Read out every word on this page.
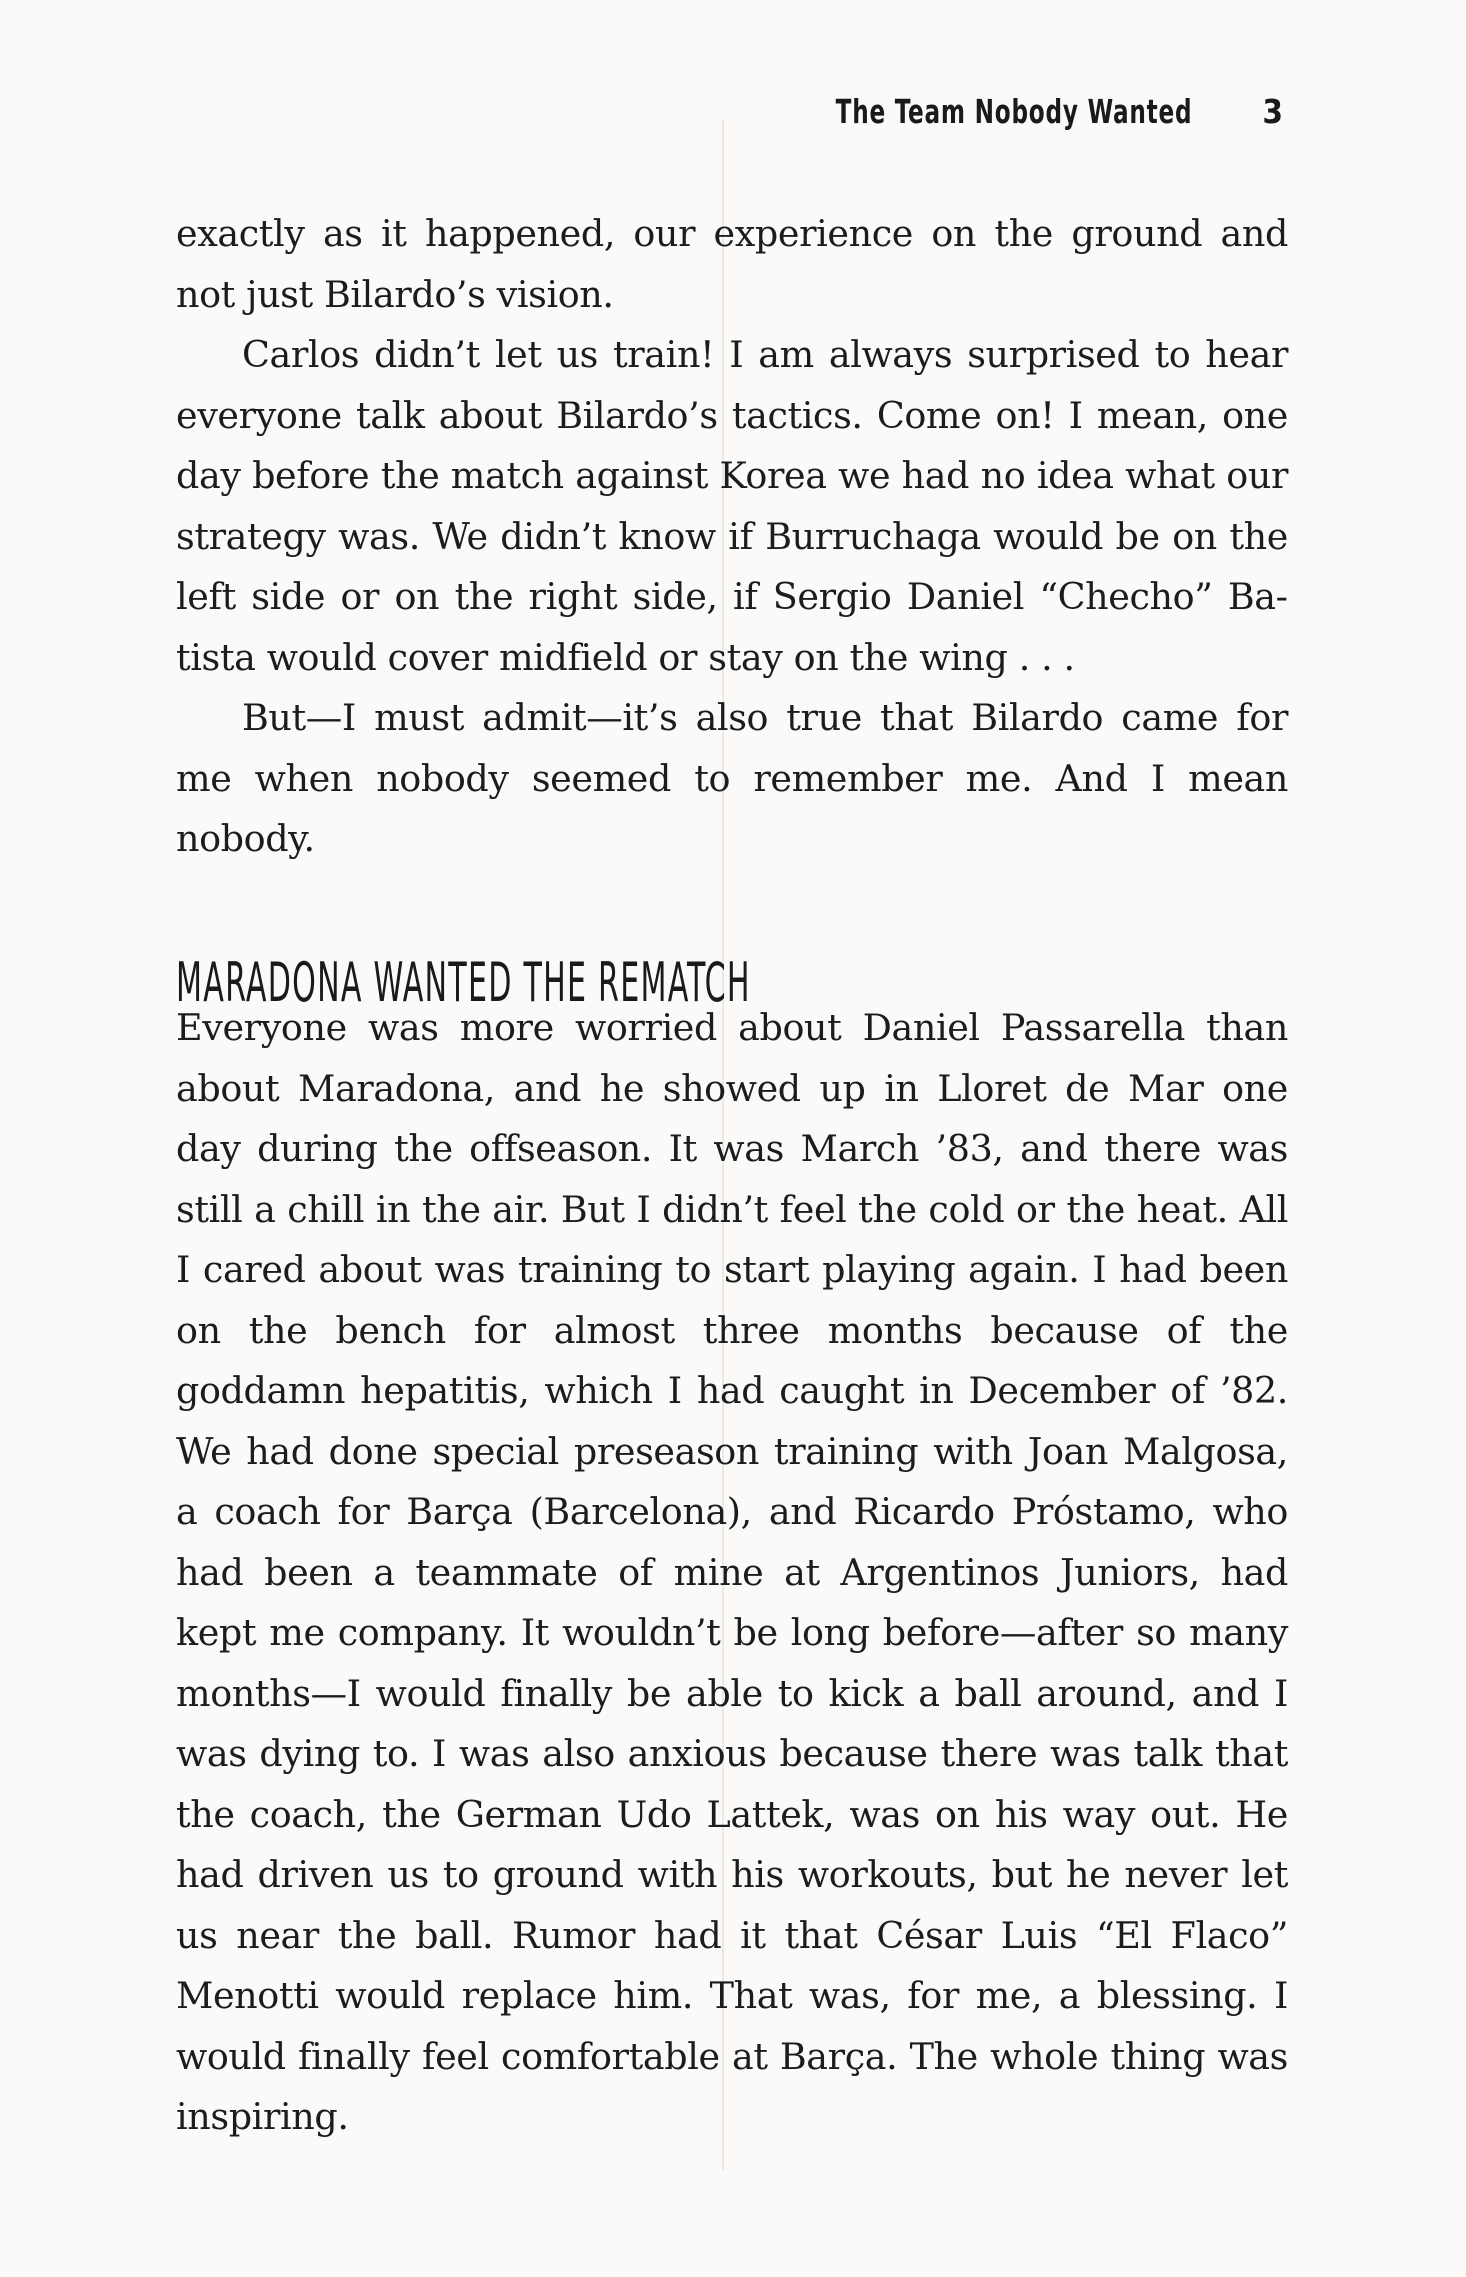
The Team Nobody Wanted 3

exactly as it happened, our experience on the ground and not just Bilardo’s vision.

Carlos didn’t let us train! I am always surprised to hear everyone talk about Bilardo’s tactics. Come on! I mean, one day before the match against Korea we had no idea what our strategy was. We didn’t know if Burruchaga would be on the left side or on the right side, if Sergio Daniel “Checho” Batista would cover midfield or stay on the wing . . .

But—I must admit—it’s also true that Bilardo came for me when nobody seemed to remember me. And I mean nobody.

MARADONA WANTED THE REMATCH

Everyone was more worried about Daniel Passarella than about Maradona, and he showed up in Lloret de Mar one day during the offseason. It was March ’83, and there was still a chill in the air. But I didn’t feel the cold or the heat. All I cared about was training to start playing again. I had been on the bench for almost three months because of the goddamn hepatitis, which I had caught in December of ’82. We had done special preseason training with Joan Malgosa, a coach for Barça (Barcelona), and Ricardo Próstamo, who had been a teammate of mine at Argentinos Juniors, had kept me company. It wouldn’t be long before—after so many months—I would finally be able to kick a ball around, and I was dying to. I was also anxious because there was talk that the coach, the German Udo Lattek, was on his way out. He had driven us to ground with his workouts, but he never let us near the ball. Rumor had it that César Luis “El Flaco” Menotti would replace him. That was, for me, a blessing. I would finally feel comfortable at Barça. The whole thing was inspiring.
